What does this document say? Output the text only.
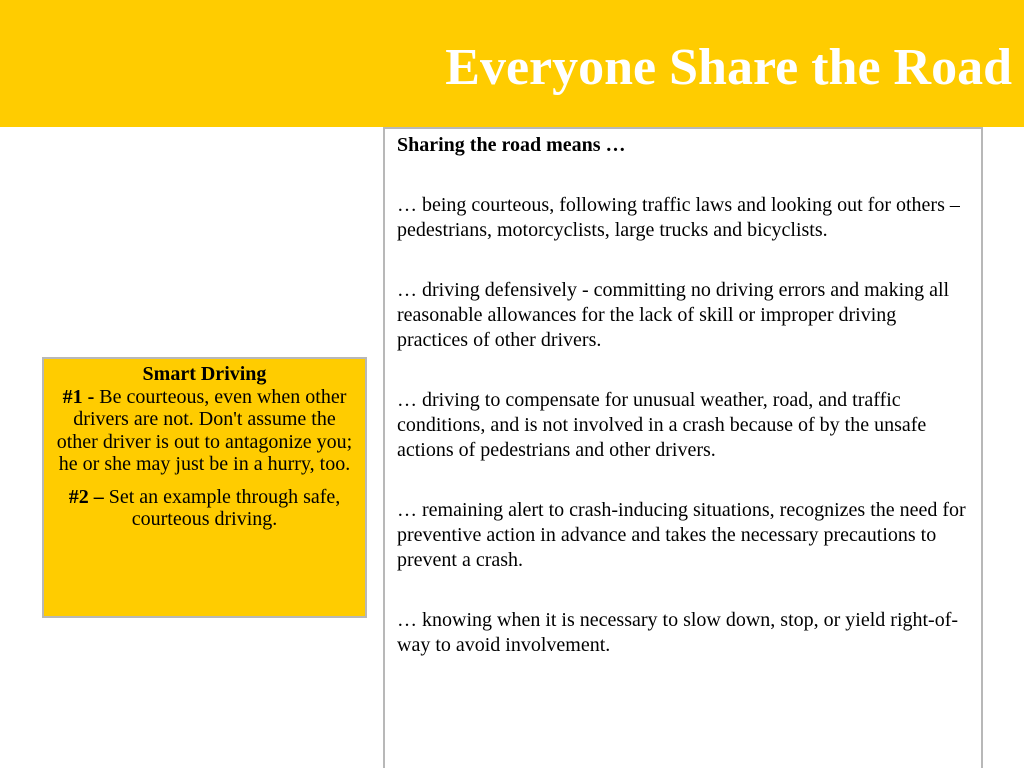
Everyone Share the Road

Smart Driving

#1 - Be courteous, even when other drivers are not. Don't assume the other driver is out to antagonize you; he or she may just be in a hurry, too.

#2 – Set an example through safe, courteous driving.

Sharing the road means …

… being courteous, following traffic laws and looking out for others – pedestrians, motorcyclists, large trucks and bicyclists.

… driving defensively - committing no driving errors and making all reasonable allowances for the lack of skill or improper driving practices of other drivers.

… driving to compensate for unusual weather, road, and traffic conditions, and is not involved in a crash because of by the unsafe actions of pedestrians and other drivers.

… remaining alert to crash-inducing situations, recognizes the need for preventive action in advance and takes the necessary precautions to prevent a crash.

… knowing when it is necessary to slow down, stop, or yield right-of-way to avoid involvement.
